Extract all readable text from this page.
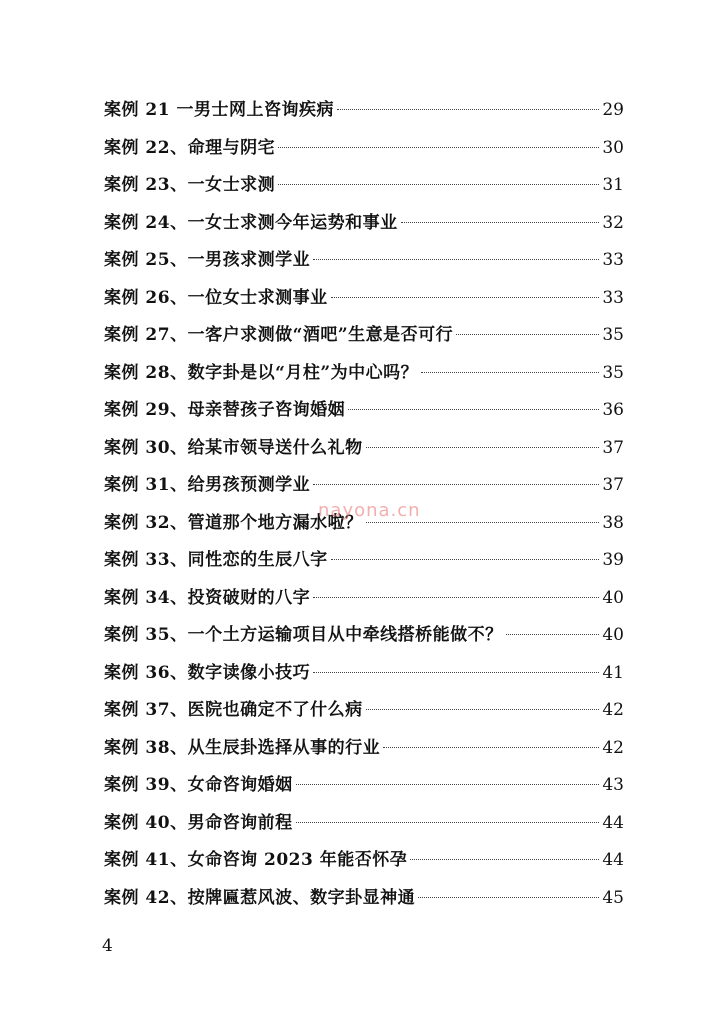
案例 21 一男士网上咨询疾病	29
案例 22、命理与阴宅	30
案例 23、一女士求测	31
案例 24、一女士求测今年运势和事业	32
案例 25、一男孩求测学业	33
案例 26、一位女士求测事业	33
案例 27、一客户求测做“酒吧”生意是否可行	35
案例 28、数字卦是以“月柱”为中心吗？	35
案例 29、母亲替孩子咨询婚姻	36
案例 30、给某市领导送什么礼物	37
案例 31、给男孩预测学业	37
案例 32、管道那个地方漏水啦？	38
案例 33、同性恋的生辰八字	39
案例 34、投资破财的八字	40
案例 35、一个土方运输项目从中牵线搭桥能做不？	40
案例 36、数字读像小技巧	41
案例 37、医院也确定不了什么病	42
案例 38、从生辰卦选择从事的行业	42
案例 39、女命咨询婚姻	43
案例 40、男命咨询前程	44
案例 41、女命咨询 2023 年能否怀孕	44
案例 42、按牌匾惹风波、数字卦显神通	45
nayona.cn
4
